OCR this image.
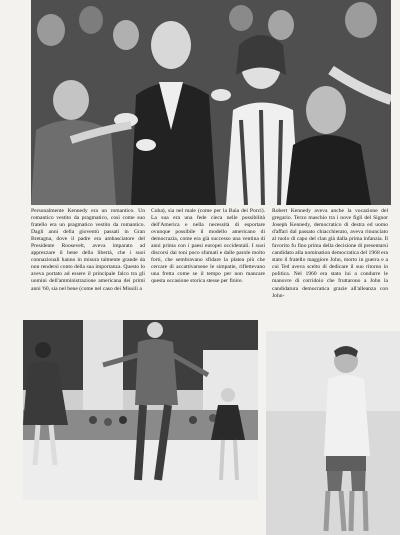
Personalmente Kennedy era un romantico. Un romantico vestito da pragmatico, così come suo fratello era un pragmatico vestito da romantico. Dagli anni della gioventù passati in Gran Bretagna, dove il padre era ambasciatore del Presidente Roosevelt, aveva imparato ad apprezzare il bene della libertà, che i suoi connazionali hanno in misura talmente grande da non rendersi conto della sua importanza. Questo lo aveva portato ad essere il principale falco tra gli uomini dell'amministrazione americana dei primi anni '60, sia nel bene (come nel caso dei Missili a

Cuba), sia nel male (come per la Baia dei Porci). La sua era una fede cieca nelle possibilità dell'America e nella necessità di esportare ovunque possibile il modello americano di democrazia, come era già successo una ventina di anni prima con i paesi europei occidentali. I suoi discorsi dai toni poco sfumati e dalle parole molto forti, che sembravano sfidare la platea più che cercare di accattivarsene le simpatie, riflettevano una fretta come se il tempo per non mancare questa occasione storica stesse per finire.

Robert Kennedy aveva anche la vocazione del gregario. Terzo maschio tra i nove figli del Signor Joseph Kennedy, democratico di destra ed uomo d'affari dal passato chiacchierato, aveva rinunciato al ruolo di capo del clan già dalla prima infanzia. Il favorito fu fino prima della decisione di presentarsi candidato alla nomination democratica del 1968 era stato il fratello maggiore John, morto in guerra e a cui Ted aveva scelto di dedicare il suo ritorno in politica. Nel 1960 era stato lui a condurre le manovre di corridoio che fruttarono a John la candidatura democratica grazie all'alleanza con John-
